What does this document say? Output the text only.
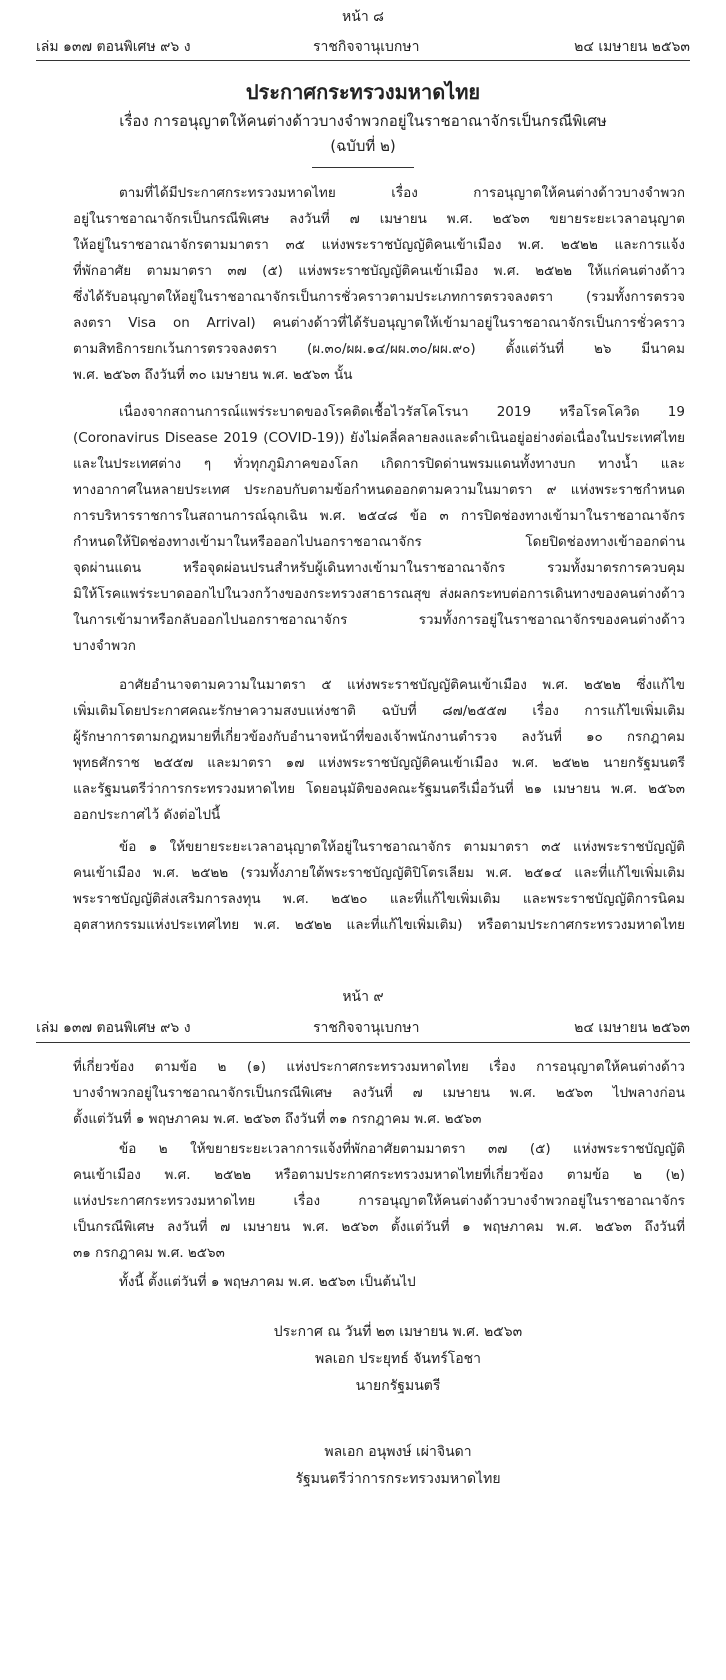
หน้า ๘
เล่ม ๑๓๗ ตอนพิเศษ ๙๖ ง	ราชกิจจานุเบกษา	๒๔ เมษายน ๒๕๖๓
ประกาศกระทรวงมหาดไทย
เรื่อง การอนุญาตให้คนต่างด้าวบางจำพวกอยู่ในราชอาณาจักรเป็นกรณีพิเศษ
(ฉบับที่ ๒)
ตามที่ได้มีประกาศกระทรวงมหาดไทย เรื่อง การอนุญาตให้คนต่างด้าวบางจำพวก
อยู่ในราชอาณาจักรเป็นกรณีพิเศษ ลงวันที่ ๗ เมษายน พ.ศ. ๒๕๖๓ ขยายระยะเวลาอนุญาต
ให้อยู่ในราชอาณาจักรตามมาตรา ๓๕ แห่งพระราชบัญญัติคนเข้าเมือง พ.ศ. ๒๕๒๒ และการแจ้ง
ที่พักอาศัย ตามมาตรา ๓๗ (๕) แห่งพระราชบัญญัติคนเข้าเมือง พ.ศ. ๒๕๒๒ ให้แก่คนต่างด้าว
ซึ่งได้รับอนุญาตให้อยู่ในราชอาณาจักรเป็นการชั่วคราวตามประเภทการตรวจลงตรา (รวมทั้งการตรวจ
ลงตรา Visa on Arrival) คนต่างด้าวที่ได้รับอนุญาตให้เข้ามาอยู่ในราชอาณาจักรเป็นการชั่วคราว
ตามสิทธิการยกเว้นการตรวจลงตรา (ผ.๓๐/ผผ.๑๔/ผผ.๓๐/ผผ.๙๐) ตั้งแต่วันที่ ๒๖ มีนาคม
พ.ศ. ๒๕๖๓ ถึงวันที่ ๓๐ เมษายน พ.ศ. ๒๕๖๓ นั้น
เนื่องจากสถานการณ์แพร่ระบาดของโรคติดเชื้อไวรัสโคโรนา 2019 หรือโรคโควิด 19
(Coronavirus Disease 2019 (COVID-19)) ยังไม่คลี่คลายลงและดำเนินอยู่อย่างต่อเนื่องในประเทศไทย
และในประเทศต่าง ๆ ทั่วทุกภูมิภาคของโลก เกิดการปิดด่านพรมแดนทั้งทางบก ทางน้ำ และ
ทางอากาศในหลายประเทศ ประกอบกับตามข้อกำหนดออกตามความในมาตรา ๙ แห่งพระราชกำหนด
การบริหารราชการในสถานการณ์ฉุกเฉิน พ.ศ. ๒๕๔๘ ข้อ ๓ การปิดช่องทางเข้ามาในราชอาณาจักร
กำหนดให้ปิดช่องทางเข้ามาในหรือออกไปนอกราชอาณาจักร โดยปิดช่องทางเข้าออกด่าน
จุดผ่านแดน หรือจุดผ่อนปรนสำหรับผู้เดินทางเข้ามาในราชอาณาจักร รวมทั้งมาตรการควบคุม
มิให้โรคแพร่ระบาดออกไปในวงกว้างของกระทรวงสาธารณสุข ส่งผลกระทบต่อการเดินทางของคนต่างด้าว
ในการเข้ามาหรือกลับออกไปนอกราชอาณาจักร รวมทั้งการอยู่ในราชอาณาจักรของคนต่างด้าว
บางจำพวก
อาศัยอำนาจตามความในมาตรา ๕ แห่งพระราชบัญญัติคนเข้าเมือง พ.ศ. ๒๕๒๒ ซึ่งแก้ไข
เพิ่มเติมโดยประกาศคณะรักษาความสงบแห่งชาติ ฉบับที่ ๘๗/๒๕๕๗ เรื่อง การแก้ไขเพิ่มเติม
ผู้รักษาการตามกฎหมายที่เกี่ยวข้องกับอำนาจหน้าที่ของเจ้าพนักงานตำรวจ ลงวันที่ ๑๐ กรกฎาคม
พุทธศักราช ๒๕๕๗ และมาตรา ๑๗ แห่งพระราชบัญญัติคนเข้าเมือง พ.ศ. ๒๕๒๒ นายกรัฐมนตรี
และรัฐมนตรีว่าการกระทรวงมหาดไทย โดยอนุมัติของคณะรัฐมนตรีเมื่อวันที่ ๒๑ เมษายน พ.ศ. ๒๕๖๓
ออกประกาศไว้ ดังต่อไปนี้
ข้อ ๑ ให้ขยายระยะเวลาอนุญาตให้อยู่ในราชอาณาจักร ตามมาตรา ๓๕ แห่งพระราชบัญญัติ
คนเข้าเมือง พ.ศ. ๒๕๒๒ (รวมทั้งภายใต้พระราชบัญญัติปิโตรเลียม พ.ศ. ๒๕๑๔ และที่แก้ไขเพิ่มเติม
พระราชบัญญัติส่งเสริมการลงทุน พ.ศ. ๒๕๒๐ และที่แก้ไขเพิ่มเติม และพระราชบัญญัติการนิคม
อุตสาหกรรมแห่งประเทศไทย พ.ศ. ๒๕๒๒ และที่แก้ไขเพิ่มเติม) หรือตามประกาศกระทรวงมหาดไทย
หน้า ๙
เล่ม ๑๓๗ ตอนพิเศษ ๙๖ ง	ราชกิจจานุเบกษา	๒๔ เมษายน ๒๕๖๓
ที่เกี่ยวข้อง ตามข้อ ๒ (๑) แห่งประกาศกระทรวงมหาดไทย เรื่อง การอนุญาตให้คนต่างด้าว
บางจำพวกอยู่ในราชอาณาจักรเป็นกรณีพิเศษ ลงวันที่ ๗ เมษายน พ.ศ. ๒๕๖๓ ไปพลางก่อน
ตั้งแต่วันที่ ๑ พฤษภาคม พ.ศ. ๒๕๖๓ ถึงวันที่ ๓๑ กรกฎาคม พ.ศ. ๒๕๖๓
ข้อ ๒ ให้ขยายระยะเวลาการแจ้งที่พักอาศัยตามมาตรา ๓๗ (๕) แห่งพระราชบัญญัติ
คนเข้าเมือง พ.ศ. ๒๕๒๒ หรือตามประกาศกระทรวงมหาดไทยที่เกี่ยวข้อง ตามข้อ ๒ (๒)
แห่งประกาศกระทรวงมหาดไทย เรื่อง การอนุญาตให้คนต่างด้าวบางจำพวกอยู่ในราชอาณาจักร
เป็นกรณีพิเศษ ลงวันที่ ๗ เมษายน พ.ศ. ๒๕๖๓ ตั้งแต่วันที่ ๑ พฤษภาคม พ.ศ. ๒๕๖๓ ถึงวันที่
๓๑ กรกฎาคม พ.ศ. ๒๕๖๓
ทั้งนี้ ตั้งแต่วันที่ ๑ พฤษภาคม พ.ศ. ๒๕๖๓ เป็นต้นไป
ประกาศ ณ วันที่ ๒๓ เมษายน พ.ศ. ๒๕๖๓
พลเอก ประยุทธ์ จันทร์โอชา
นายกรัฐมนตรี
พลเอก อนุพงษ์ เผ่าจินดา
รัฐมนตรีว่าการกระทรวงมหาดไทย
